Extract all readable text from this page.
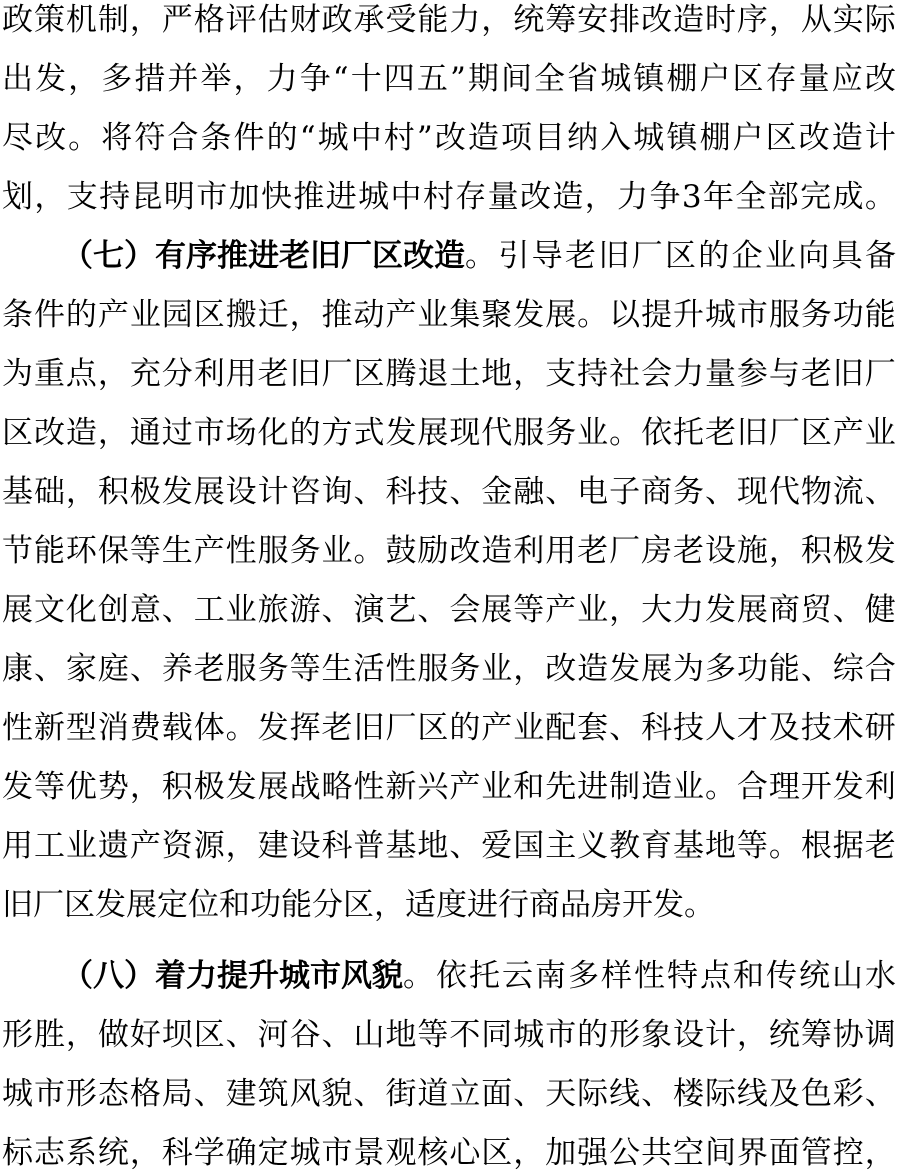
政 策 机 制 ， 严 格 评 估 财 政 承 受 能 力 ， 统 筹 安 排 改 造 时 序 ， 从 实 际
出 发 ， 多 措 并 举 ， 力 争 “ 十 四 五 ” 期 间 全 省 城 镇 棚 户 区 存 量 应 改
尽 改 。 将 符 合 条 件 的 “ 城 中 村 ” 改 造 项 目 纳 入 城 镇 棚 户 区 改 造 计
划 ， 支 持 昆 明 市 加 快 推 进 城 中 村 存 量 改 造 ， 力 争 3 年 全 部 完 成 。
（七）有序推进老旧厂区改造 。 引 导 老 旧 厂 区 的 企 业 向 具 备
条 件 的 产 业 园 区 搬 迁 ， 推 动 产 业 集 聚 发 展 。 以 提 升 城 市 服 务 功 能
为 重 点 ， 充 分 利 用 老 旧 厂 区 腾 退 土 地 ， 支 持 社 会 力 量 参 与 老 旧 厂
区 改 造 ， 通 过 市 场 化 的 方 式 发 展 现 代 服 务 业 。 依 托 老 旧 厂 区 产 业
基 础 ， 积 极 发 展 设 计 咨 询 、 科 技 、 金 融 、 电 子 商 务 、 现 代 物 流 、
节 能 环 保 等 生 产 性 服 务 业 。 鼓 励 改 造 利 用 老 厂 房 老 设 施 ， 积 极 发
展 文 化 创 意 、 工 业 旅 游 、 演 艺 、 会 展 等 产 业 ， 大 力 发 展 商 贸 、 健
康 、 家 庭 、 养 老 服 务 等 生 活 性 服 务 业 ， 改 造 发 展 为 多 功 能 、 综 合
性 新 型 消 费 载 体 。 发 挥 老 旧 厂 区 的 产 业 配 套 、 科 技 人 才 及 技 术 研
发 等 优 势 ， 积 极 发 展 战 略 性 新 兴 产 业 和 先 进 制 造 业 。 合 理 开 发 利
用 工 业 遗 产 资 源 ， 建 设 科 普 基 地 、 爱 国 主 义 教 育 基 地 等 。 根 据 老
旧厂区发展定位和功能分区，适度进行商品房开发。
（八）着力提升城市风貌 。 依 托 云 南 多 样 性 特 点 和 传 统 山 水
形 胜 ， 做 好 坝 区 、 河 谷 、 山 地 等 不 同 城 市 的 形 象 设 计 ， 统 筹 协 调
城 市 形 态 格 局 、 建 筑 风 貌 、 街 道 立 面 、 天 际 线 、 楼 际 线 及 色 彩 、
标 志 系 统 ， 科 学 确 定 城 市 景 观 核 心 区 ， 加 强 公 共 空 间 界 面 管 控 ，
